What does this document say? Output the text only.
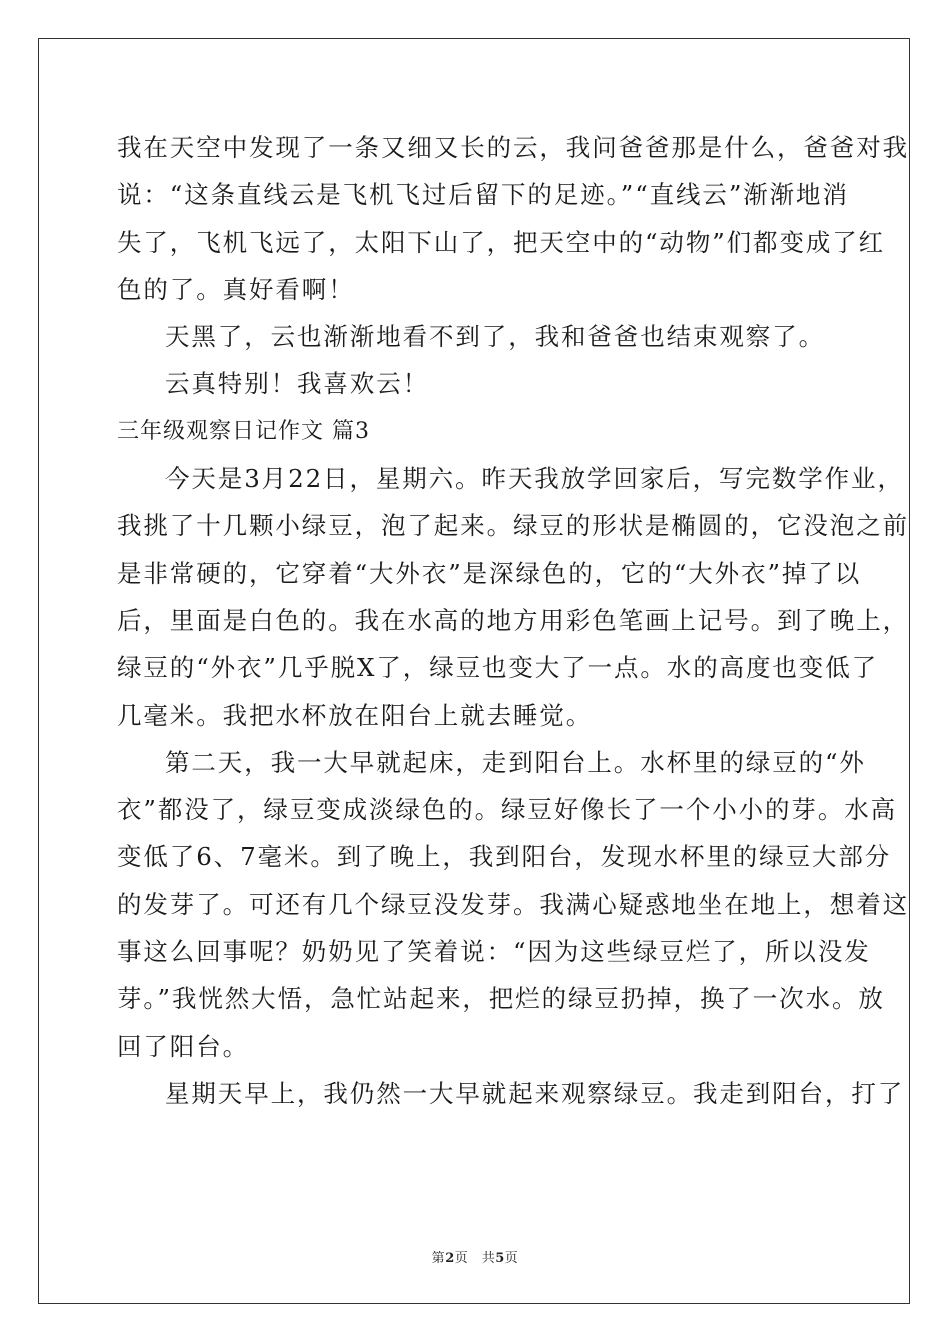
我在天空中发现了一条又细又长的云，我问爸爸那是什么，爸爸对我
说：“这条直线云是飞机飞过后留下的足迹。”“直线云”渐渐地消
失了，飞机飞远了，太阳下山了，把天空中的“动物”们都变成了红
色的了。真好看啊！
天黑了，云也渐渐地看不到了，我和爸爸也结束观察了。
云真特别！我喜欢云！
三年级观察日记作文 篇3
今天是3月22日，星期六。昨天我放学回家后，写完数学作业，
我挑了十几颗小绿豆，泡了起来。绿豆的形状是椭圆的，它没泡之前
是非常硬的，它穿着“大外衣”是深绿色的，它的“大外衣”掉了以
后，里面是白色的。我在水高的地方用彩色笔画上记号。到了晚上，
绿豆的“外衣”几乎脱X了，绿豆也变大了一点。水的高度也变低了
几毫米。我把水杯放在阳台上就去睡觉。
第二天，我一大早就起床，走到阳台上。水杯里的绿豆的“外
衣”都没了，绿豆变成淡绿色的。绿豆好像长了一个小小的芽。水高
变低了6、7毫米。到了晚上，我到阳台，发现水杯里的绿豆大部分
的发芽了。可还有几个绿豆没发芽。我满心疑惑地坐在地上，想着这
事这么回事呢？奶奶见了笑着说：“因为这些绿豆烂了，所以没发
芽。”我恍然大悟，急忙站起来，把烂的绿豆扔掉，换了一次水。放
回了阳台。
星期天早上，我仍然一大早就起来观察绿豆。我走到阳台，打了
第2页　共5页
